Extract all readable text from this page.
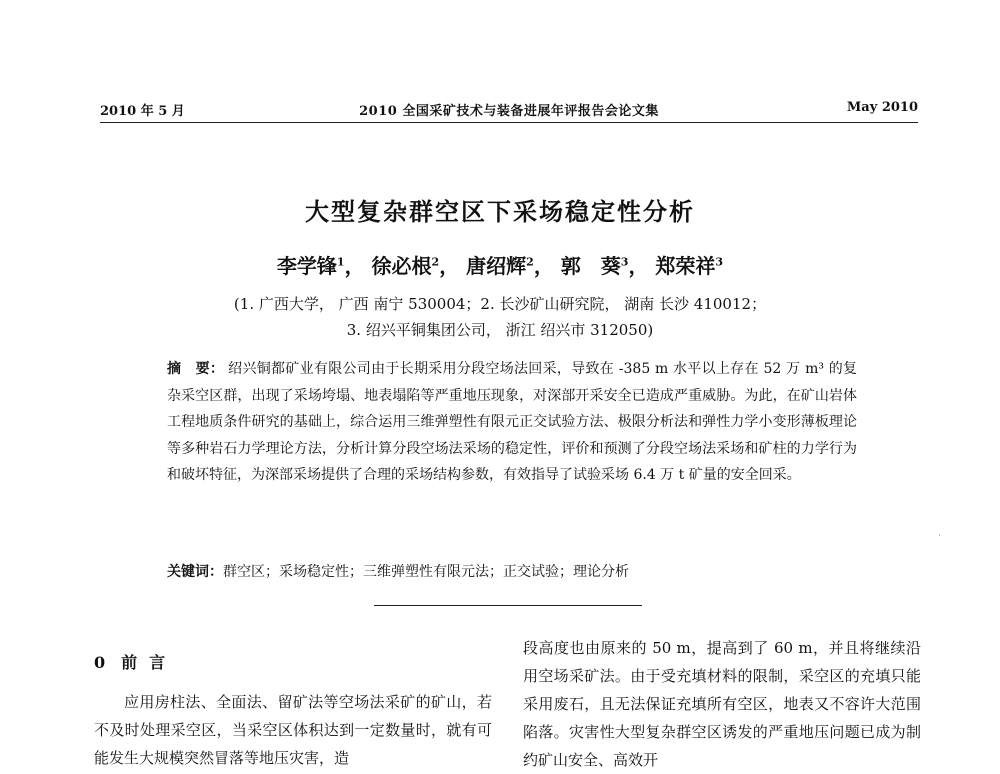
2010 年 5 月	2010 全国采矿技术与装备进展年评报告会论文集	May 2010
大型复杂群空区下采场稳定性分析
李学锋$^1$， 徐必根$^2$， 唐绍辉$^2$， 郭　葵$^3$， 郑荣祥$^3$
(1. 广西大学， 广西 南宁 530004；2. 长沙矿山研究院， 湖南 长沙 410012；
3. 绍兴平铜集团公司， 浙江 绍兴市 312050)
摘　要： 绍兴铜都矿业有限公司由于长期采用分段空场法回采，导致在 -385 m 水平以上存在 52 万 m³ 的复杂采空区群，出现了采场垮塌、地表塌陷等严重地压现象，对深部开采安全已造成严重威胁。为此，在矿山岩体工程地质条件研究的基础上，综合运用三维弹塑性有限元正交试验方法、极限分析法和弹性力学小变形薄板理论等多种岩石力学理论方法，分析计算分段空场法采场的稳定性，评价和预测了分段空场法采场和矿柱的力学行为和破坏特征，为深部采场提供了合理的采场结构参数，有效指导了试验采场 6.4 万 t 矿量的安全回采。
关键词：群空区；采场稳定性；三维弹塑性有限元法；正交试验；理论分析
˙
0 前言

应用房柱法、全面法、留矿法等空场法采矿的矿山，若不及时处理采空区，当采空区体积达到一定数量时，就有可能发生大规模突然冒落等地压灾害，造

段高度也由原来的 50 m，提高到了 60 m，并且将继续沿用空场采矿法。由于受充填材料的限制，采空区的充填只能采用废石，且无法保证充填所有空区，地表又不容许大范围陷落。灾害性大型复杂群空区诱发的严重地压问题已成为制约矿山安全、高效开
